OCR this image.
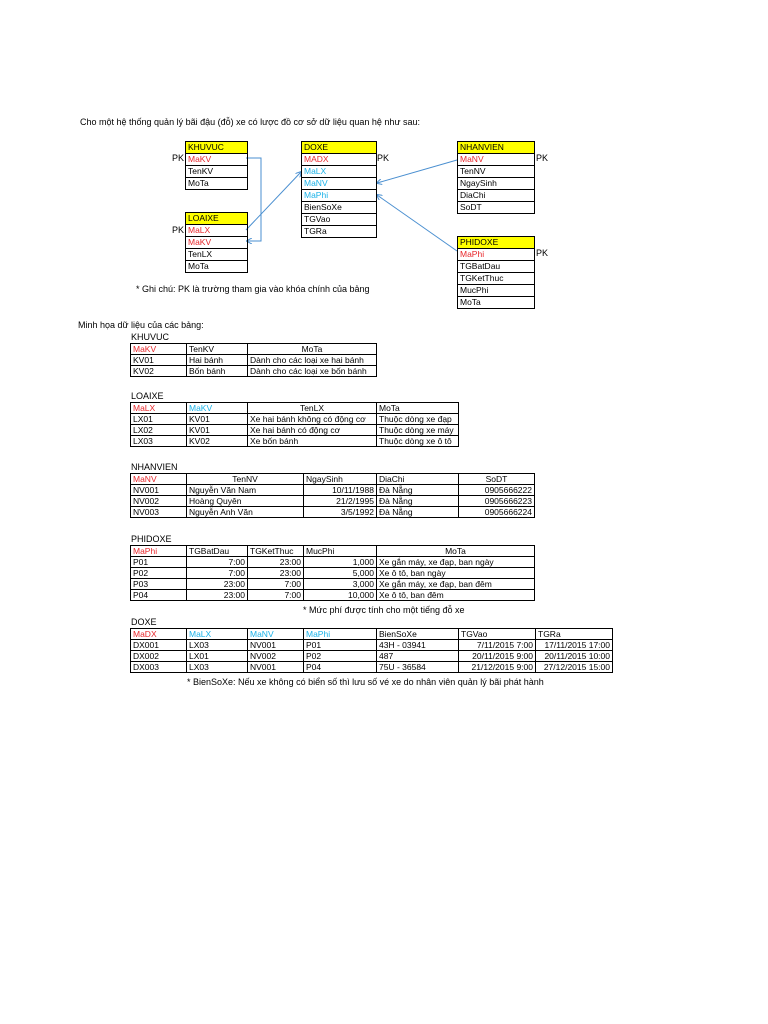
Cho một hệ thống quản lý bãi đậu (đỗ) xe có lược đồ cơ sở dữ liệu quan hệ như sau:
PK
KHUVUC
MaKV
TenKV
MoTa
PK
LOAIXE
MaLX
MaKV
TenLX
MoTa
PK
DOXE
MADX
MaLX
MaNV
MaPhi
BienSoXe
TGVao
TGRa
PK
NHANVIEN
MaNV
TenNV
NgaySinh
DiaChi
SoDT
PK
PHIDOXE
MaPhi
TGBatDau
TGKetThuc
MucPhi
MoTa
* Ghi chú: PK là trường tham gia vào khóa chính của bảng
Minh họa dữ liệu của các bảng:
KHUVUC
MaKV	TenKV	MoTa
KV01	Hai bánh	Dành cho các loại xe hai bánh
KV02	Bốn bánh	Dành cho các loại xe bốn bánh
LOAIXE
MaLX	MaKV	TenLX	MoTa
LX01	KV01	Xe hai bánh không có động cơ	Thuộc dòng xe đạp
LX02	KV01	Xe hai bánh có động cơ	Thuộc dòng xe máy
LX03	KV02	Xe bốn bánh	Thuộc dòng xe ô tô
NHANVIEN
MaNV	TenNV	NgaySinh	DiaChi	SoDT
NV001	Nguyễn Văn Nam	10/11/1988	Đà Nẵng	0905666222
NV002	Hoàng Quyên	21/2/1995	Đà Nẵng	0905666223
NV003	Nguyễn Anh Văn	3/5/1992	Đà Nẵng	0905666224
PHIDOXE
MaPhi	TGBatDau	TGKetThuc	MucPhi	MoTa
P01	7:00	23:00	1,000	Xe gắn máy, xe đạp, ban ngày
P02	7:00	23:00	5,000	Xe ô tô, ban ngày
P03	23:00	7:00	3,000	Xe gắn máy, xe đạp, ban đêm
P04	23:00	7:00	10,000	Xe ô tô, ban đêm
* Mức phí được tính cho một tiếng đỗ xe
DOXE
MaDX	MaLX	MaNV	MaPhi	BienSoXe	TGVao	TGRa
DX001	LX03	NV001	P01	43H - 03941	7/11/2015 7:00	17/11/2015 17:00
DX002	LX01	NV002	P02	487	20/11/2015 9:00	20/11/2015 10:00
DX003	LX03	NV001	P04	75U - 36584	21/12/2015 9:00	27/12/2015 15:00
* BienSoXe: Nếu xe không có biển số thì lưu số vé xe do nhân viên quản lý bãi phát hành
